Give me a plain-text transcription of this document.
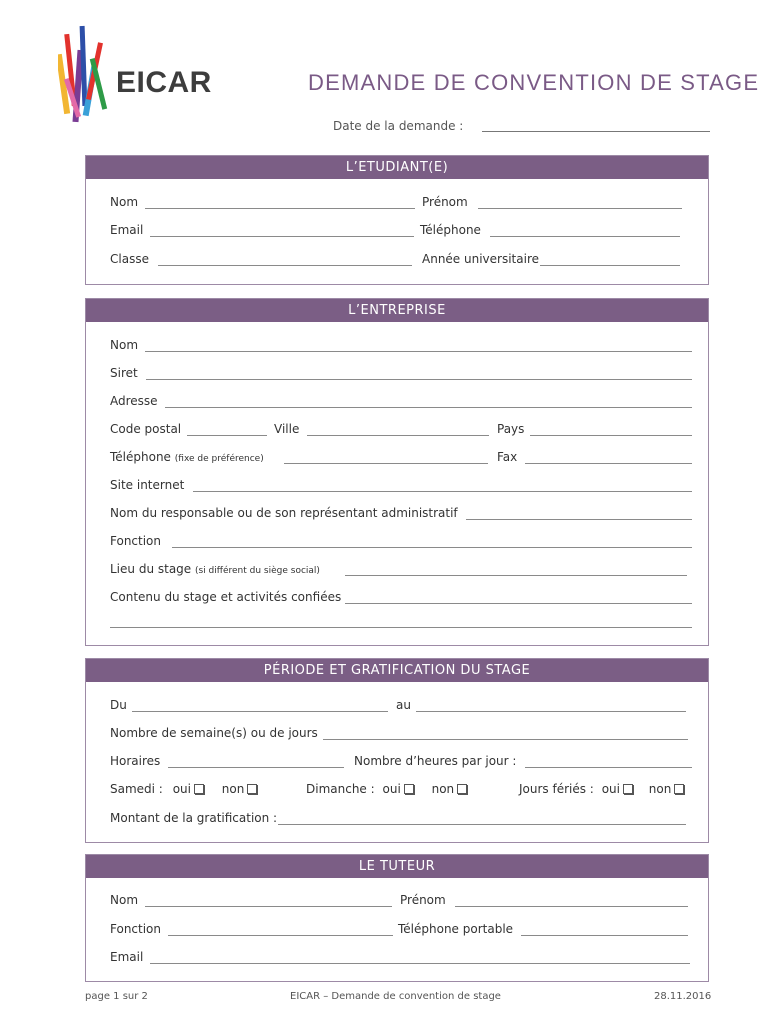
EICAR	DEMANDE DE CONVENTION DE STAGE
Date de la demande :
L’ETUDIANT(E)
Nom	Prénom
Email	Téléphone
Classe	Année universitaire
L’ENTREPRISE
Nom
Siret
Adresse
Code postal	Ville	Pays
Téléphone (fixe de préférence)	Fax
Site internet
Nom du responsable ou de son représentant administratif
Fonction
Lieu du stage (si différent du siège social)
Contenu du stage et activités confiées
PÉRIODE ET GRATIFICATION DU STAGE
Du	au
Nombre de semaine(s) ou de jours
Horaires	Nombre d’heures par jour :
Samedi : oui	non	Dimanche : oui	non	Jours fériés : oui non
Montant de la gratification :
LE TUTEUR
Nom	Prénom
Fonction	Téléphone portable
Email
page 1 sur 2	EICAR – Demande de convention de stage	28.11.2016
